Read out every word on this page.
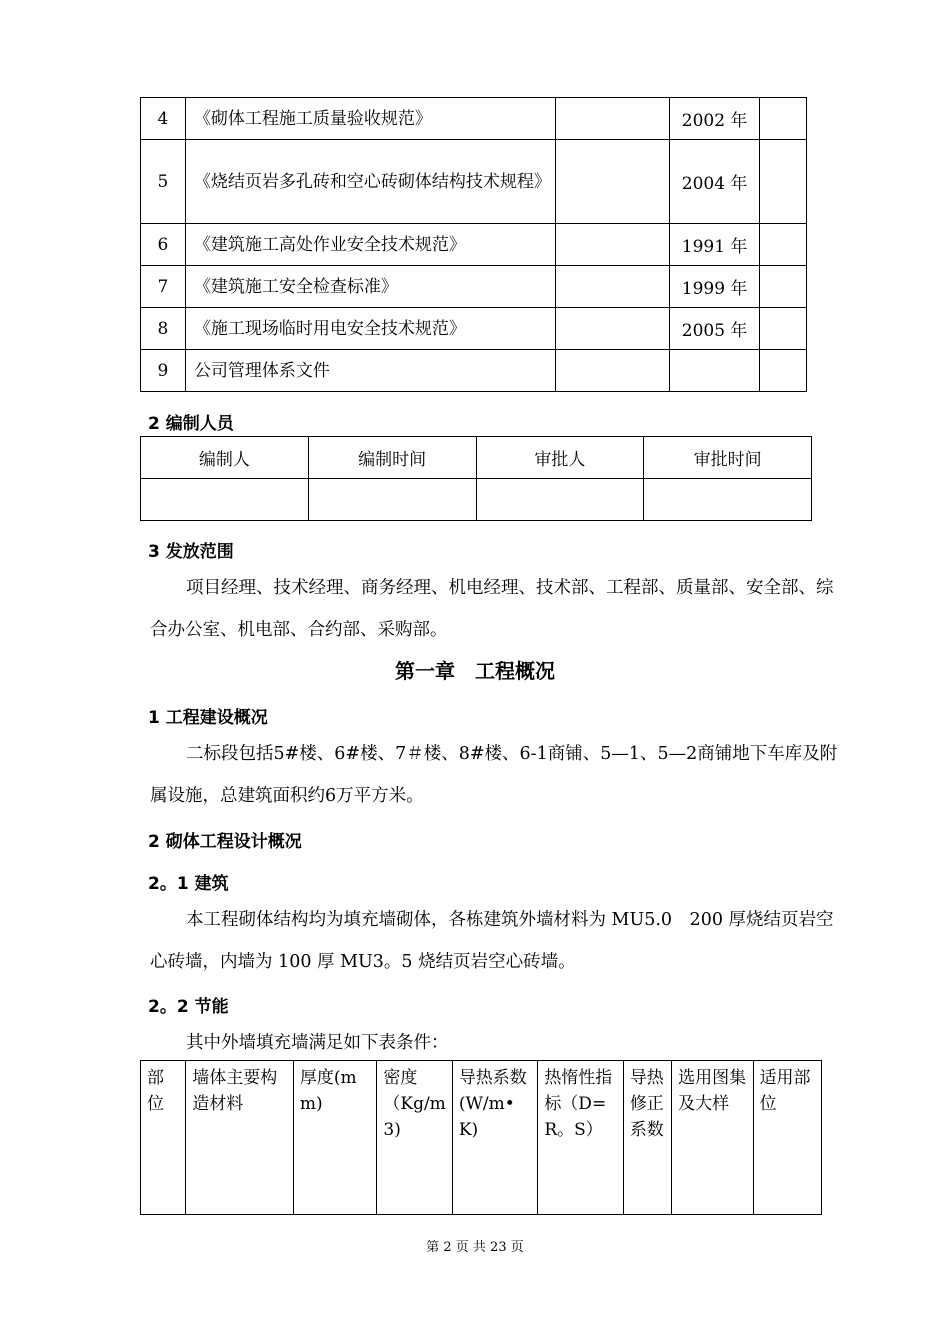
4	《砌体工程施工质量验收规范》		2002 年	
5	《烧结页岩多孔砖和空心砖砌体结构技术规程》		2004 年	
6	《建筑施工高处作业安全技术规范》		1991 年	
7	《建筑施工安全检查标准》		1999 年	
8	《施工现场临时用电安全技术规范》		2005 年	
9	公司管理体系文件			
2 编制人员
编制人	编制时间	审批人	审批时间

3 发放范围
项目经理、技术经理、商务经理、机电经理、技术部、工程部、质量部、安全部、综合办公室、机电部、合约部、采购部。
第一章　工程概况
1 工程建设概况
二标段包括5#楼、6#楼、7＃楼、8#楼、6-1商铺、5—1、5—2商铺地下车库及附属设施，总建筑面积约6万平方米。
2 砌体工程设计概况
2。1 建筑
本工程砌体结构均为填充墙砌体，各栋建筑外墙材料为 MU5.0　200 厚烧结页岩空心砖墙，内墙为 100 厚 MU3。5 烧结页岩空心砖墙。
2。2 节能
其中外墙填充墙满足如下表条件：
部位	墙体主要构造材料	厚度(mm)	密度（Kg/m3)	导热系数(W/m•K)	热惰性指标（D=R。S）	导热修正系数	选用图集及大样	适用部位
第 2 页 共 23 页
